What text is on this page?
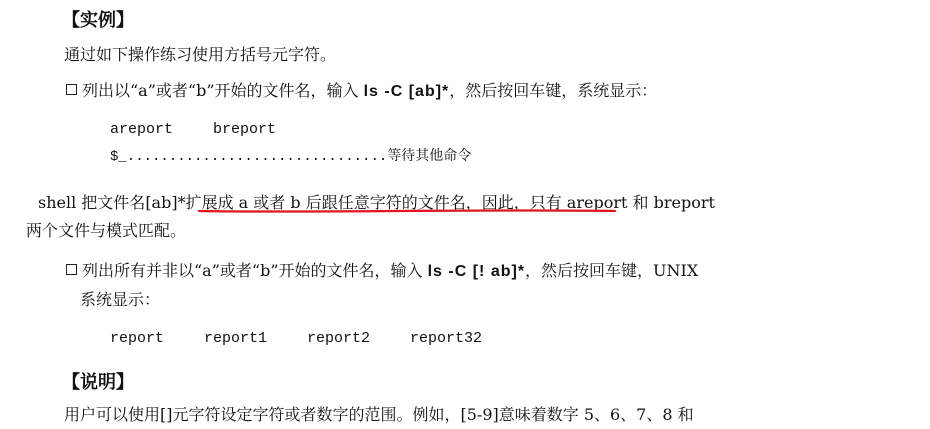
【实例】
通过如下操作练习使用方括号元字符。
列出以“a”或者“b”开始的文件名，输入 ls -C [ab]*，然后按回车键，系统显示：
areport	breport
$_...............................等待其他命令
shell 把文件名[ab]*扩展成 a 或者 b 后跟任意字符的文件名，因此，只有 areport 和 breport
两个文件与模式匹配。
列出所有并非以“a”或者“b”开始的文件名，输入 ls -C [! ab]*，然后按回车键，UNIX
系统显示：
report	report1	report2	report32
【说明】
用户可以使用[]元字符设定字符或者数字的范围。例如，[5-9]意味着数字 5、6、7、8 和
